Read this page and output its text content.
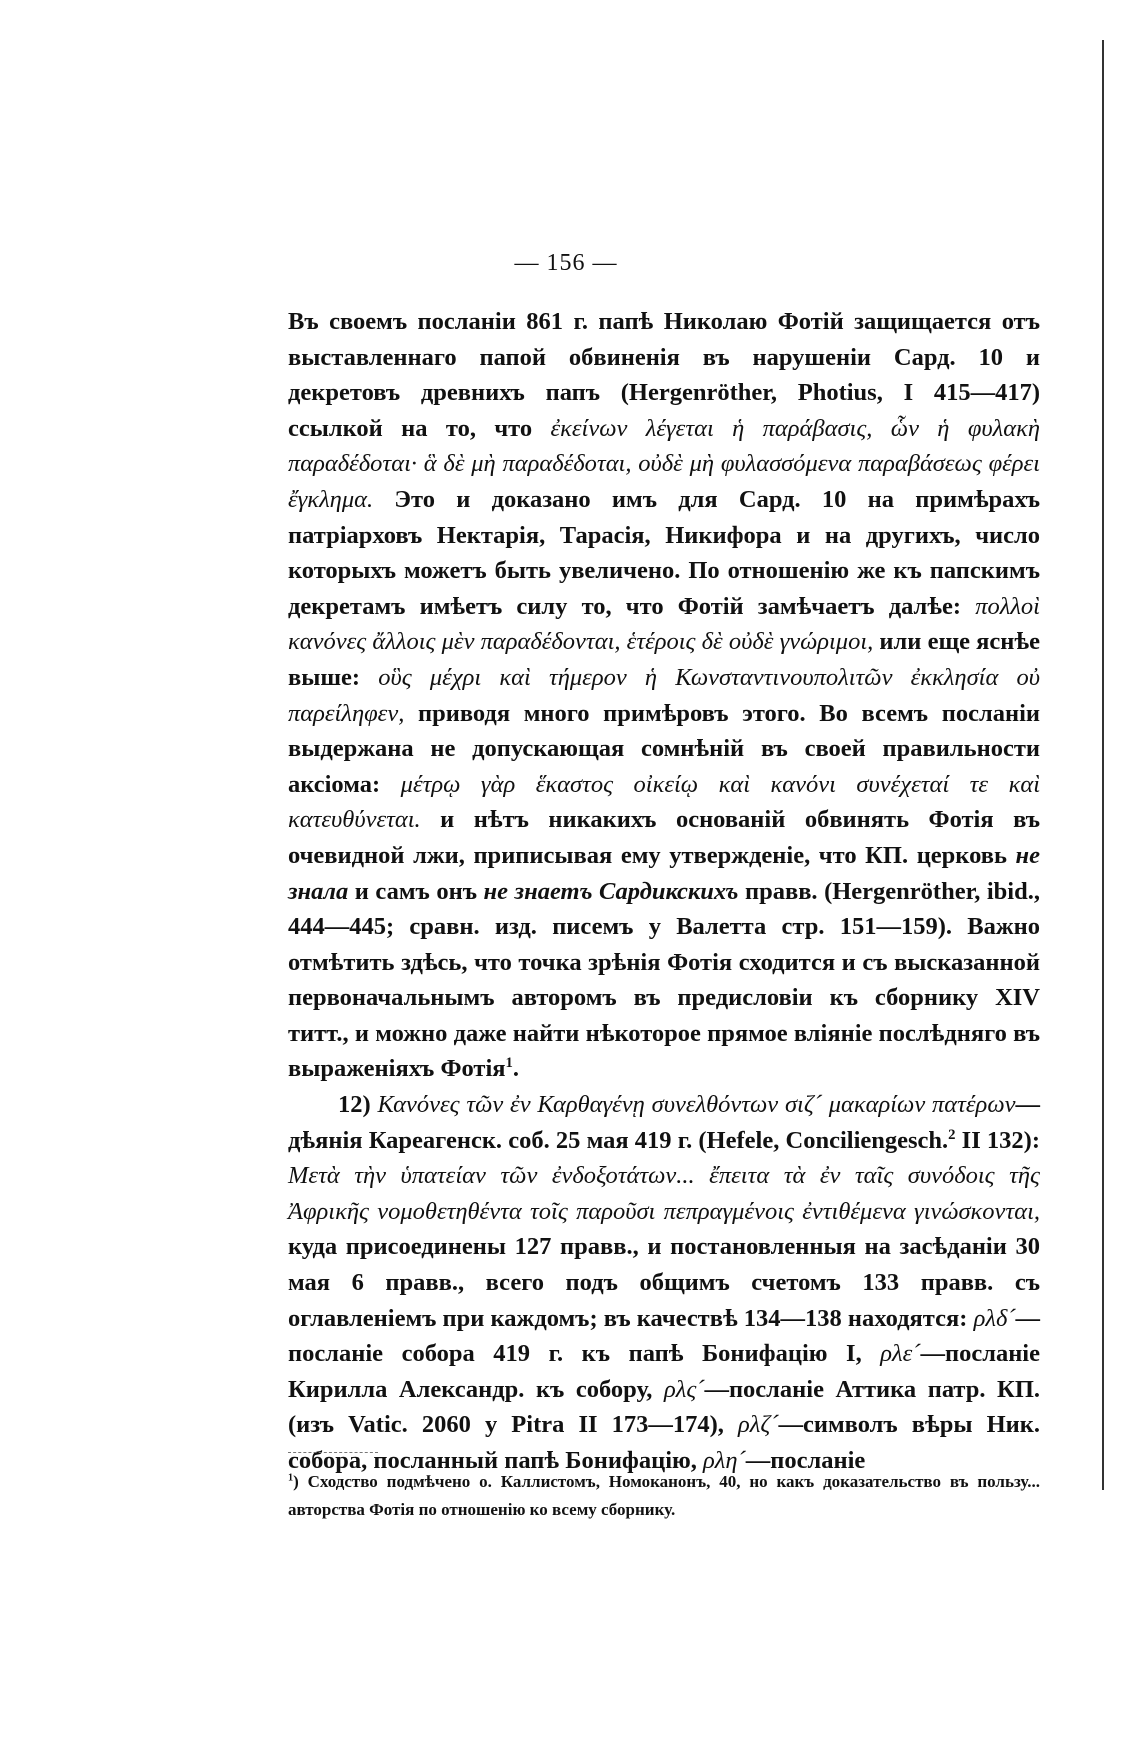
— 156 —

Въ своемъ посланіи 861 г. папѣ Николаю Фотій защищается отъ выставленнаго папой обвиненія въ нарушеніи Сард. 10 и декретовъ древнихъ папъ (Hergenröther, Photius, I 415—417) ссылкой на то, что ἐκείνων λέγεται ἡ παράβασις, ὧν ἡ φυλακὴ παραδέδοται· ἃ δὲ μὴ παραδέδοται, οὐδὲ μὴ φυλασσόμενα παραβάσεως φέρει ἔγκλημα. Это и доказано имъ для Сард. 10 на примѣрахъ патріарховъ Нектарія, Тарасія, Никифора и на другихъ, число которыхъ можетъ быть увеличено. По отношенію же къ папскимъ декретамъ имѣетъ силу то, что Фотій замѣчаетъ далѣе: πολλοὶ κανόνες ἄλλοις μὲν παραδέδονται, ἑτέροις δὲ οὐδὲ γνώριμοι, или еще яснѣе выше: οὓς μέχρι καὶ τήμερον ἡ Κωνσταντινουπολιτῶν ἐκκλησία οὐ παρείληφεν, приводя много примѣровъ этого. Во всемъ посланіи выдержана не допускающая сомнѣній въ своей правильности аксіома: μέτρῳ γὰρ ἕκαστος οἰκείῳ καὶ κανόνι συνέχεταί τε καὶ κατευθύνεται. и нѣтъ никакихъ основаній обвинять Фотія въ очевидной лжи, приписывая ему утвержденіе, что КП. церковь не знала и самъ онъ не знаетъ Сардикскихъ правв. (Hergenröther, ibid., 444—445; сравн. изд. писемъ у Валетта стр. 151—159). Важно отмѣтить здѣсь, что точка зрѣнія Фотія сходится и съ высказанной первоначальнымъ авторомъ въ предисловіи къ сборнику XIV титт., и можно даже найти нѣкоторое прямое вліяніе послѣдняго въ выраженіяхъ Фотія$^1$.

12) Κανόνες τῶν ἐν Καρθαγένῃ συνελθόντων σιζ´ μακαρίων πατέρων—дѣянія Кареагенск. соб. 25 мая 419 г. (Hefele, Conciliengesch.$^2$ II 132): Μετὰ τὴν ὑπατείαν τῶν ἐνδοξοτάτων... ἔπειτα τὰ ἐν ταῖς συνόδοις τῆς Ἀφρικῆς νομοθετηθέντα τοῖς παροῦσι πεπραγμένοις ἐντιθέμενα γινώσκονται, куда присоединены 127 правв., и постановленныя на засѣданіи 30 мая 6 правв., всего подъ общимъ счетомъ 133 правв. съ оглавленіемъ при каждомъ; въ качествѣ 134—138 находятся: ρλδ´—посланіе собора 419 г. къ папѣ Бонифацію I, ρλε´—посланіе Кирилла Александр. къ собору, ρλς´—посланіе Аттика патр. КП. (изъ Vatic. 2060 у Pitra II 173—174), ρλζ´—символъ вѣры Ник. собора, посланный папѣ Бонифацію, ρλη´—посланіе

$^1$) Сходство подмѣчено о. Каллистомъ, Номоканонъ, 40, но какъ доказательство въ пользу... авторства Фотія по отношенію ко всему сборнику.
